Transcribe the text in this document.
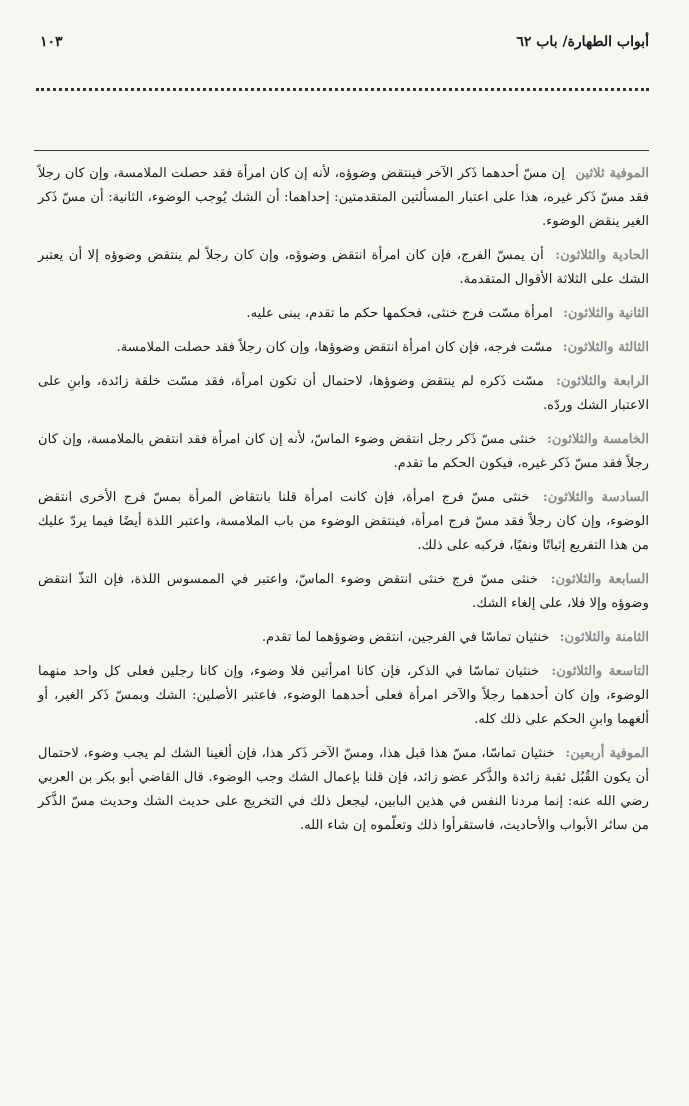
أبواب الطهارة/ باب ٦٢
١٠٣

الموفية ثلاثين إن مسّ أحدهما ذَكر الآخر فينتقض وضوؤه، لأنه إن كان امرأة فقد حصلت الملامسة، وإن كان رجلاً فقد مسّ ذَكر غيره، هذا على اعتبار المسألتين المتقدمتين: إحداهما: أن الشك يُوجب الوضوء، الثانية: أن مسّ ذَكر الغير ينقض الوضوء.

الحادية والثلاثون: أن يمسّ الفرج، فإن كان امرأة انتقض وضوؤه، وإن كان رجلاً لم ينتقض وضوؤه إلا أن يعتبر الشك على الثلاثة الأقوال المتقدمة.

الثانية والثلاثون: امرأة مسّت فرج خنثى، فحكمها حكم ما تقدم، يبنى عليه.

الثالثة والثلاثون: مسّت فرجه، فإن كان امرأة انتقض وضوؤها، وإن كان رجلاً فقد حصلت الملامسة.

الرابعة والثلاثون: مسّت ذَكره لم ينتقض وضوؤها، لاحتمال أن تكون امرأة، فقد مسّت خلقة زائدة، وابنِ على الاعتبار الشك وردّه.

الخامسة والثلاثون: خنثى مسّ ذَكر رجل انتقض وضوء الماسّ، لأنه إن كان امرأة فقد انتقض بالملامسة، وإن كان رجلاً فقد مسّ ذَكر غيره، فيكون الحكم ما تقدم.

السادسة والثلاثون: خنثى مسّ فرج امرأة، فإن كانت امرأة قلنا بانتقاض المرأة بمسّ فرج الأخرى انتقض الوضوء، وإن كان رجلاً فقد مسّ فرج امرأة، فينتقض الوضوء من باب الملامسة، واعتبر اللذة أيضًا فيما يردّ عليك من هذا التفريع إثباتًا ونفيًا، فركبه على ذلك.

السابعة والثلاثون: خنثى مسّ فرج خنثى انتقض وضوء الماسّ، واعتبر في الممسوس اللذة، فإن التذّ انتقض وضوؤه وإلا فلا، على إلغاء الشك.

الثامنة والثلاثون: خنثيان تماسّا في الفرجين، انتقض وضوؤهما لما تقدم.

التاسعة والثلاثون: خنثيان تماسّا في الذكر، فإن كانا امرأتين فلا وضوء، وإن كانا رجلين فعلى كل واحد منهما الوضوء، وإن كان أحدهما رجلاً والآخر امرأة فعلى أحدهما الوضوء، فاعتبر الأصلين: الشك وبمسّ ذَكر الغير، أو ألغهما وابنِ الحكم على ذلك كله.

الموفية أربعين: خنثيان تماسّا، مسّ هذا قبل هذا، ومسّ الآخر ذَكر هذا، فإن ألغينا الشك لم يجب وضوء، لاحتمال أن يكون القُبُل ثقبة زائدة والذَّكر عضو زائد، فإن قلنا بإعمال الشك وجب الوضوء. قال القاضي أبو بكر بن العربي رضي الله عنه: إنما مردنا النفس في هذين البابين، ليجعل ذلك في التخريج على حديث الشك وحديث مسّ الذَّكر من سائر الأبواب والأحاديث، فاستقرأوا ذلك وتعلّموه إن شاء الله.
